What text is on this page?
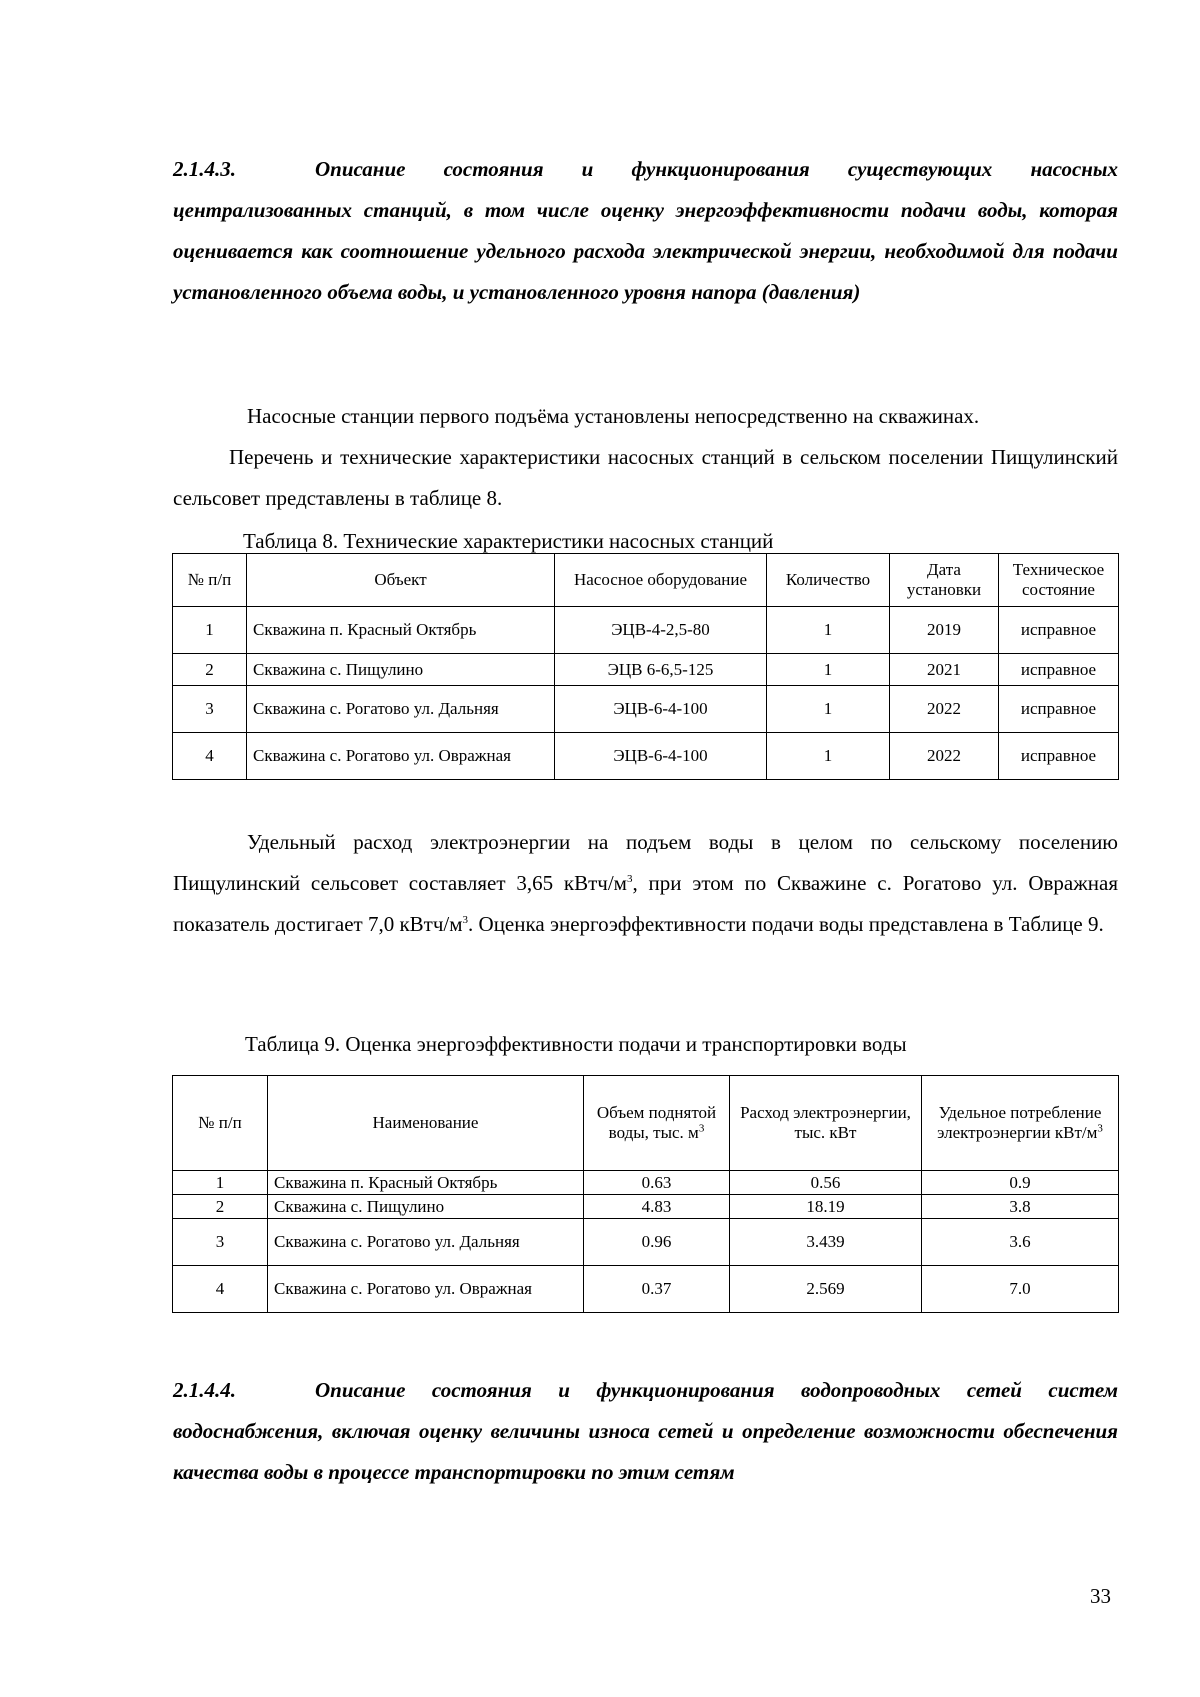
2.1.4.3.	Описание состояния и функционирования существующих насосных централизованных станций, в том числе оценку энергоэффективности подачи воды, которая оценивается как соотношение удельного расхода электрической энергии, необходимой для подачи установленного объема воды, и установленного уровня напора (давления)

Насосные станции первого подъёма установлены непосредственно на скважинах.

Перечень и технические характеристики насосных станций в сельском поселении Пищулинский сельсовет представлены в таблице 8.

Таблица 8. Технические характеристики насосных станций

№ п/п	Объект	Насосное оборудование	Количество	Дата установки	Техническое состояние
1	Скважина п. Красный Октябрь	ЭЦВ-4-2,5-80	1	2019	исправное
2	Скважина с. Пищулино	ЭЦВ 6-6,5-125	1	2021	исправное
3	Скважина с. Рогатово ул. Дальняя	ЭЦВ-6-4-100	1	2022	исправное
4	Скважина с. Рогатово ул. Овражная	ЭЦВ-6-4-100	1	2022	исправное

Удельный расход электроэнергии на подъем воды в целом по сельскому поселению Пищулинский сельсовет составляет 3,65 кВтч/$м^3$, при этом по Скважине с. Рогатово ул. Овражная показатель достигает 7,0 кВтч/$м^3$. Оценка энергоэффективности подачи воды представлена в Таблице 9.

Таблица 9. Оценка энергоэффективности подачи и транспортировки воды

№ п/п	Наименование	Объем поднятой воды, тыс. $м^3$	Расход электроэнергии, тыс. кВт	Удельное потребление электроэнергии кВт/$м^3$
1	Скважина п. Красный Октябрь	0.63	0.56	0.9
2	Скважина с. Пищулино	4.83	18.19	3.8
3	Скважина с. Рогатово ул. Дальняя	0.96	3.439	3.6
4	Скважина с. Рогатово ул. Овражная	0.37	2.569	7.0

2.1.4.4.	Описание состояния и функционирования водопроводных сетей систем водоснабжения, включая оценку величины износа сетей и определение возможности обеспечения качества воды в процессе транспортировки по этим сетям

33
